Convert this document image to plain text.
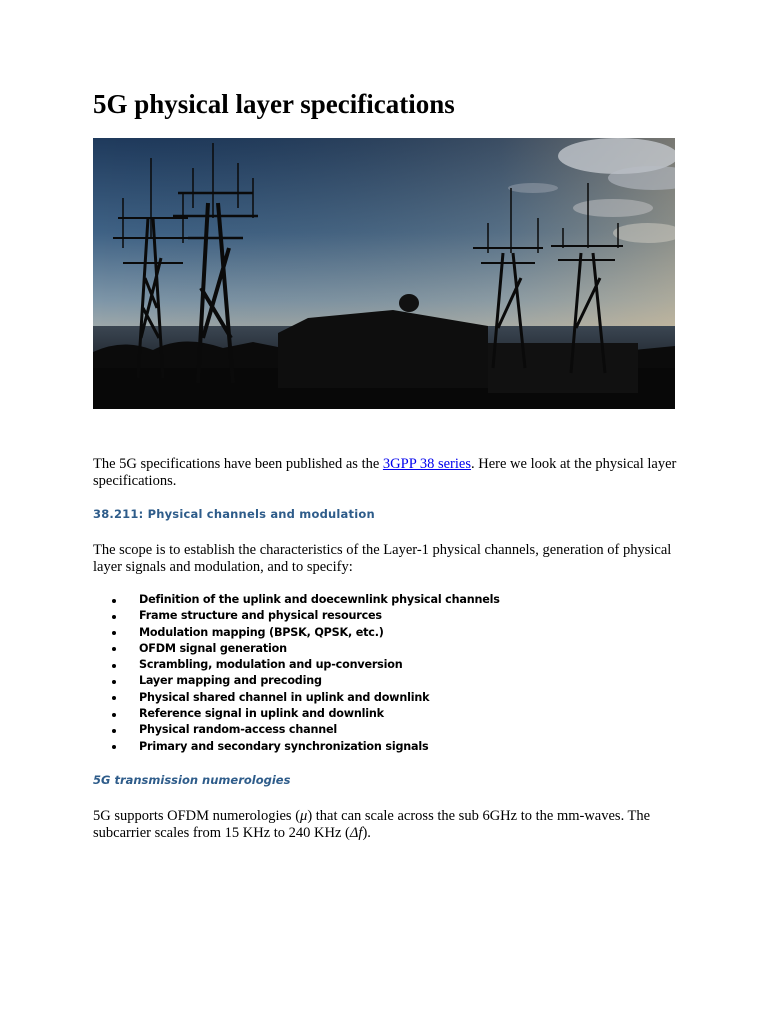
5G physical layer specifications

The 5G specifications have been published as the 3GPP 38 series. Here we look at the physical layer specifications.

38.211: Physical channels and modulation

The scope is to establish the characteristics of the Layer-1 physical channels, generation of physical layer signals and modulation, and to specify:

Definition of the uplink and doecewnlink physical channels
Frame structure and physical resources
Modulation mapping (BPSK, QPSK, etc.)
OFDM signal generation
Scrambling, modulation and up-conversion
Layer mapping and precoding
Physical shared channel in uplink and downlink
Reference signal in uplink and downlink
Physical random-access channel
Primary and secondary synchronization signals
5G transmission numerologies

5G supports OFDM numerologies (μ) that can scale across the sub 6GHz to the mm-waves. The subcarrier scales from 15 KHz to 240 KHz (Δf).
